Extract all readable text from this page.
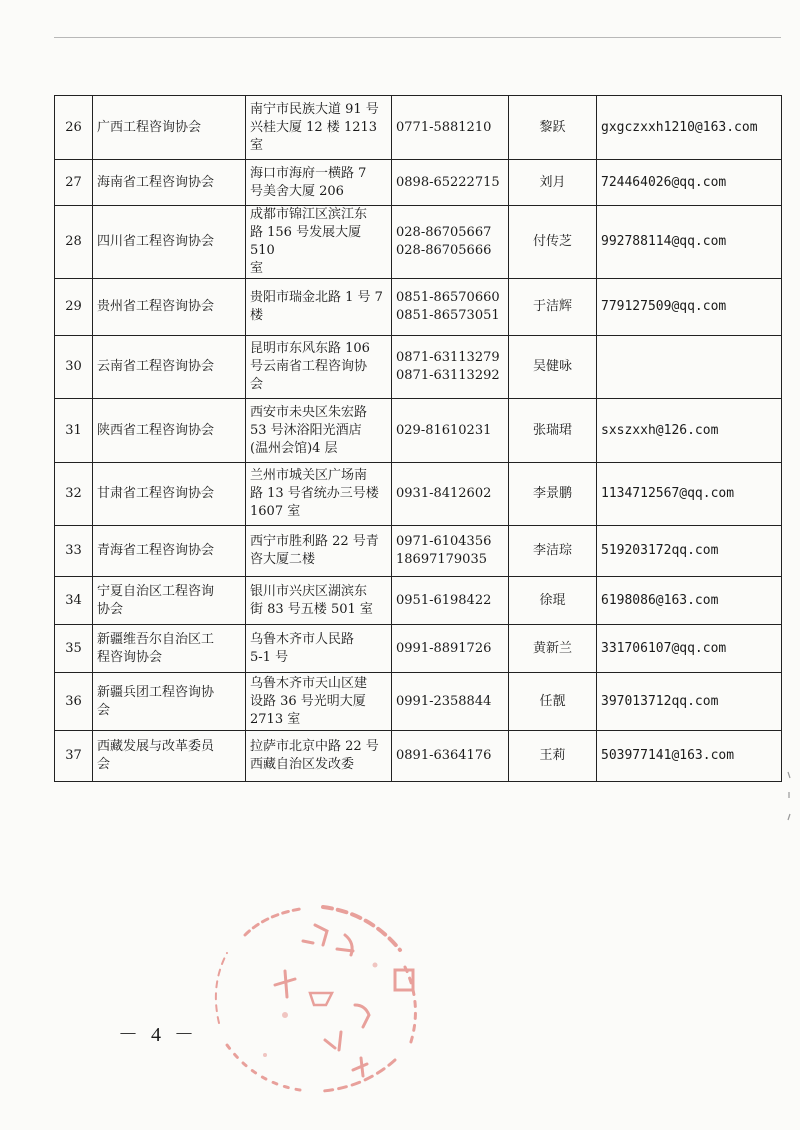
26	广西工程咨询协会	南宁市民族大道 91 号
兴桂大厦 12 楼 1213
室	0771-5881210	黎跃	gxgczxxh1210@163.com

27	海南省工程咨询协会	海口市海府一横路 7
号美舍大厦 206	0898-65222715	刘月	724464026@qq.com

28	四川省工程咨询协会	成都市锦江区滨江东
路 156 号发展大厦 510
室	028-86705667
028-86705666	付传芝	992788114@qq.com

29	贵州省工程咨询协会	贵阳市瑞金北路 1 号 7
楼	0851-86570660
0851-86573051	于洁辉	779127509@qq.com

30	云南省工程咨询协会	昆明市东风东路 106
号云南省工程咨询协
会	0871-63113279
0871-63113292	吴健咏	

31	陕西省工程咨询协会	西安市未央区朱宏路
53 号沐浴阳光酒店
(温州会馆)4 层	029-81610231	张瑞珺	sxszxxh@126.com

32	甘肃省工程咨询协会	兰州市城关区广场南
路 13 号省统办三号楼
1607 室	0931-8412602	李景鹏	1134712567@qq.com

33	青海省工程咨询协会	西宁市胜利路 22 号青
咨大厦二楼	0971-6104356
18697179035	李洁琮	519203172qq.com

34	宁夏自治区工程咨询
协会	银川市兴庆区湖滨东
街 83 号五楼 501 室	0951-6198422	徐琨	6198086@163.com

35	新疆维吾尔自治区工
程咨询协会	乌鲁木齐市人民路
5-1 号	0991-8891726	黄新兰	331706107@qq.com

36	新疆兵团工程咨询协
会	乌鲁木齐市天山区建
设路 36 号光明大厦
2713 室	0991-2358844	任靓	397013712qq.com

37	西藏发展与改革委员
会	拉萨市北京中路 22 号
西藏自治区发改委	0891-6364176	王莉	503977141@163.com
－ 4 －
